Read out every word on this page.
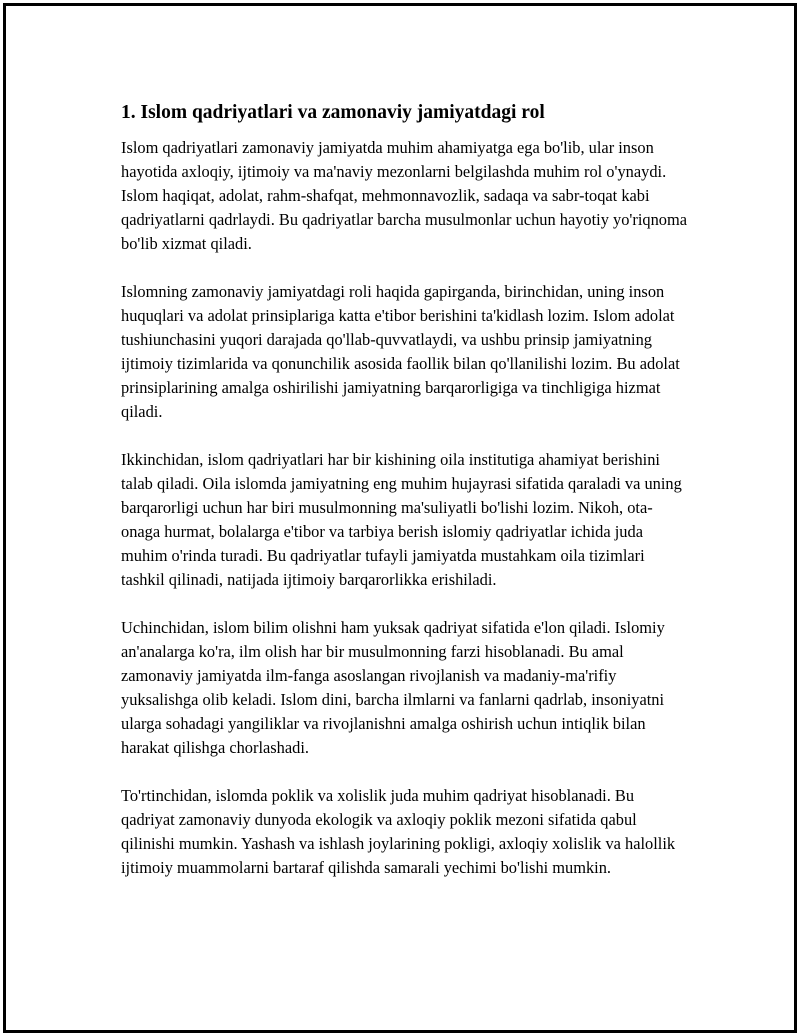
1. Islom qadriyatlari va zamonaviy jamiyatdagi rol

Islom qadriyatlari zamonaviy jamiyatda muhim ahamiyatga ega bo'lib, ular inson hayotida axloqiy, ijtimoiy va ma'naviy mezonlarni belgilashda muhim rol o'ynaydi. Islom haqiqat, adolat, rahm-shafqat, mehmonnavozlik, sadaqa va sabr-toqat kabi qadriyatlarni qadrlaydi. Bu qadriyatlar barcha musulmonlar uchun hayotiy yo'riqnoma bo'lib xizmat qiladi.

Islomning zamonaviy jamiyatdagi roli haqida gapirganda, birinchidan, uning inson huquqlari va adolat prinsiplariga katta e'tibor berishini ta'kidlash lozim. Islom adolat tushiunchasini yuqori darajada qo'llab-quvvatlaydi, va ushbu prinsip jamiyatning ijtimoiy tizimlarida va qonunchilik asosida faollik bilan qo'llanilishi lozim. Bu adolat prinsiplarining amalga oshirilishi jamiyatning barqarorligiga va tinchligiga hizmat qiladi.

Ikkinchidan, islom qadriyatlari har bir kishining oila institutiga ahamiyat berishini talab qiladi. Oila islomda jamiyatning eng muhim hujayrasi sifatida qaraladi va uning barqarorligi uchun har biri musulmonning ma'suliyatli bo'lishi lozim. Nikoh, ota-onaga hurmat, bolalarga e'tibor va tarbiya berish islomiy qadriyatlar ichida juda muhim o'rinda turadi. Bu qadriyatlar tufayli jamiyatda mustahkam oila tizimlari tashkil qilinadi, natijada ijtimoiy barqarorlikka erishiladi.

Uchinchidan, islom bilim olishni ham yuksak qadriyat sifatida e'lon qiladi. Islomiy an'analarga ko'ra, ilm olish har bir musulmonning farzi hisoblanadi. Bu amal zamonaviy jamiyatda ilm-fanga asoslangan rivojlanish va madaniy-ma'rifiy yuksalishga olib keladi. Islom dini, barcha ilmlarni va fanlarni qadrlab, insoniyatni ularga sohadagi yangiliklar va rivojlanishni amalga oshirish uchun intiqlik bilan harakat qilishga chorlashadi.

To'rtinchidan, islomda poklik va xolislik juda muhim qadriyat hisoblanadi. Bu qadriyat zamonaviy dunyoda ekologik va axloqiy poklik mezoni sifatida qabul qilinishi mumkin. Yashash va ishlash joylarining pokligi, axloqiy xolislik va halollik ijtimoiy muammolarni bartaraf qilishda samarali yechimi bo'lishi mumkin.
